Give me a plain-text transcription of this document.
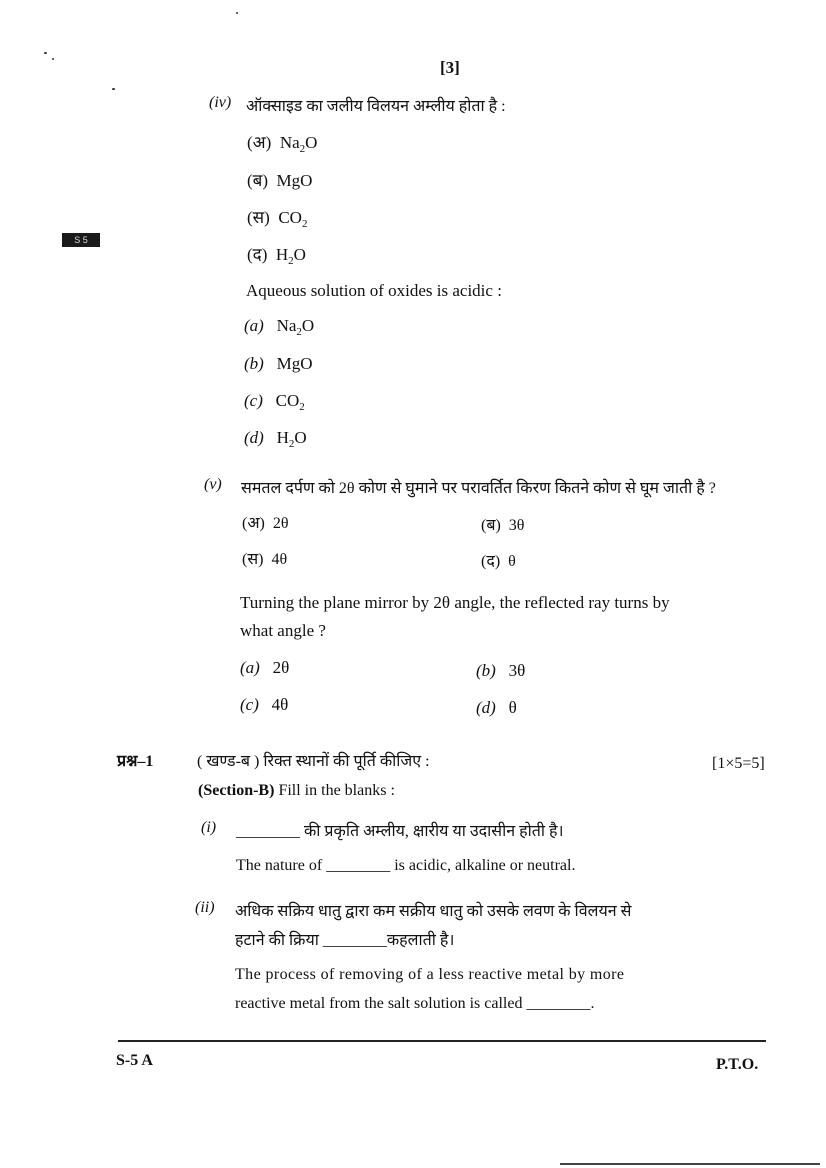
S 5
[3]
(iv) ऑक्साइड का जलीय विलयन अम्लीय होता है :
(अ) $Na_2O$
(ब) MgO
(स) $CO_2$
(द) $H_2O$
Aqueous solution of oxides is acidic :
(a) $Na_2O$
(b) MgO
(c) $CO_2$
(d) $H_2O$
(v) समतल दर्पण को 2θ कोण से घुमाने पर परावर्तित किरण कितने कोण से घूम जाती है ?
(अ) 2θ	(ब) 3θ
(स) 4θ	(द) θ
Turning the plane mirror by 2θ angle, the reflected ray turns by
what angle ?
(a) 2θ	(b) 3θ
(c) 4θ	(d) θ
प्रश्न–1	( खण्ड-ब ) रिक्त स्थानों की पूर्ति कीजिए :	[1×5=5]
(Section-B) Fill in the blanks :
(i) ________ की प्रकृति अम्लीय, क्षारीय या उदासीन होती है।
The nature of ________ is acidic, alkaline or neutral.
(ii) अधिक सक्रिय धातु द्वारा कम सक्रीय धातु को उसके लवण के विलयन से
हटाने की क्रिया ________कहलाती है।
The process of removing of a less reactive metal by more
reactive metal from the salt solution is called ________.
S-5 A	P.T.O.
